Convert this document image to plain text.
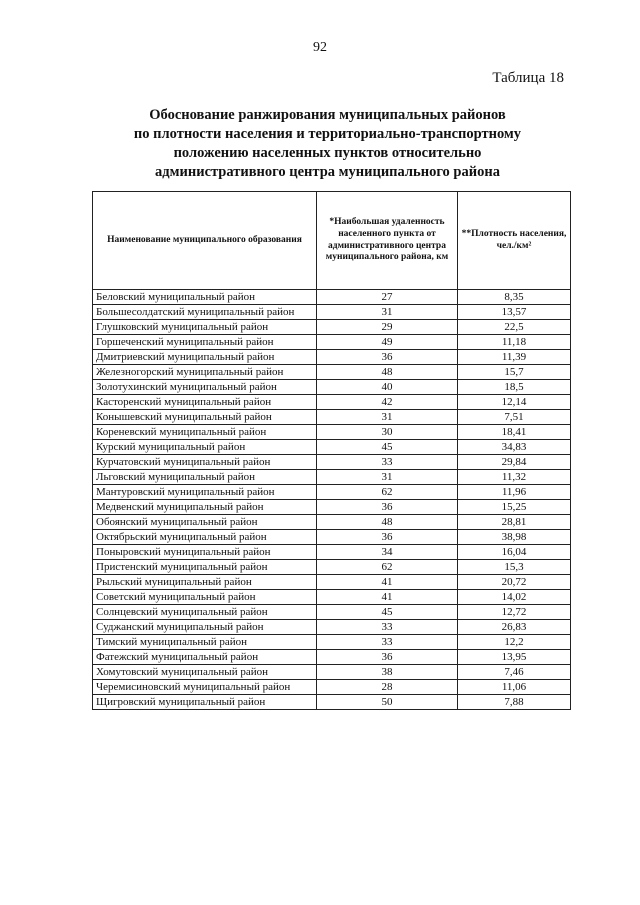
92
Таблица 18
Обоснование ранжирования муниципальных районов
по плотности населения и территориально-транспортному
положению населенных пунктов относительно
административного центра муниципального района
Наименование муниципального образования	*Наибольшая удаленность населенного пункта от административного центра муниципального района, км	**Плотность населения, чел./км²
Беловский муниципальный район	27	8,35
Большесолдатский муниципальный район	31	13,57
Глушковский муниципальный район	29	22,5
Горшеченский муниципальный район	49	11,18
Дмитриевский муниципальный район	36	11,39
Железногорский муниципальный район	48	15,7
Золотухинский муниципальный район	40	18,5
Касторенский муниципальный район	42	12,14
Конышевский муниципальный район	31	7,51
Кореневский муниципальный район	30	18,41
Курский муниципальный район	45	34,83
Курчатовский муниципальный район	33	29,84
Льговский муниципальный район	31	11,32
Мантуровский муниципальный район	62	11,96
Медвенский муниципальный район	36	15,25
Обоянский муниципальный район	48	28,81
Октябрьский муниципальный район	36	38,98
Поныровский муниципальный район	34	16,04
Пристенский муниципальный район	62	15,3
Рыльский муниципальный район	41	20,72
Советский муниципальный район	41	14,02
Солнцевский муниципальный район	45	12,72
Суджанский муниципальный район	33	26,83
Тимский муниципальный район	33	12,2
Фатежский муниципальный район	36	13,95
Хомутовский муниципальный район	38	7,46
Черемисиновский муниципальный район	28	11,06
Щигровский муниципальный район	50	7,88
